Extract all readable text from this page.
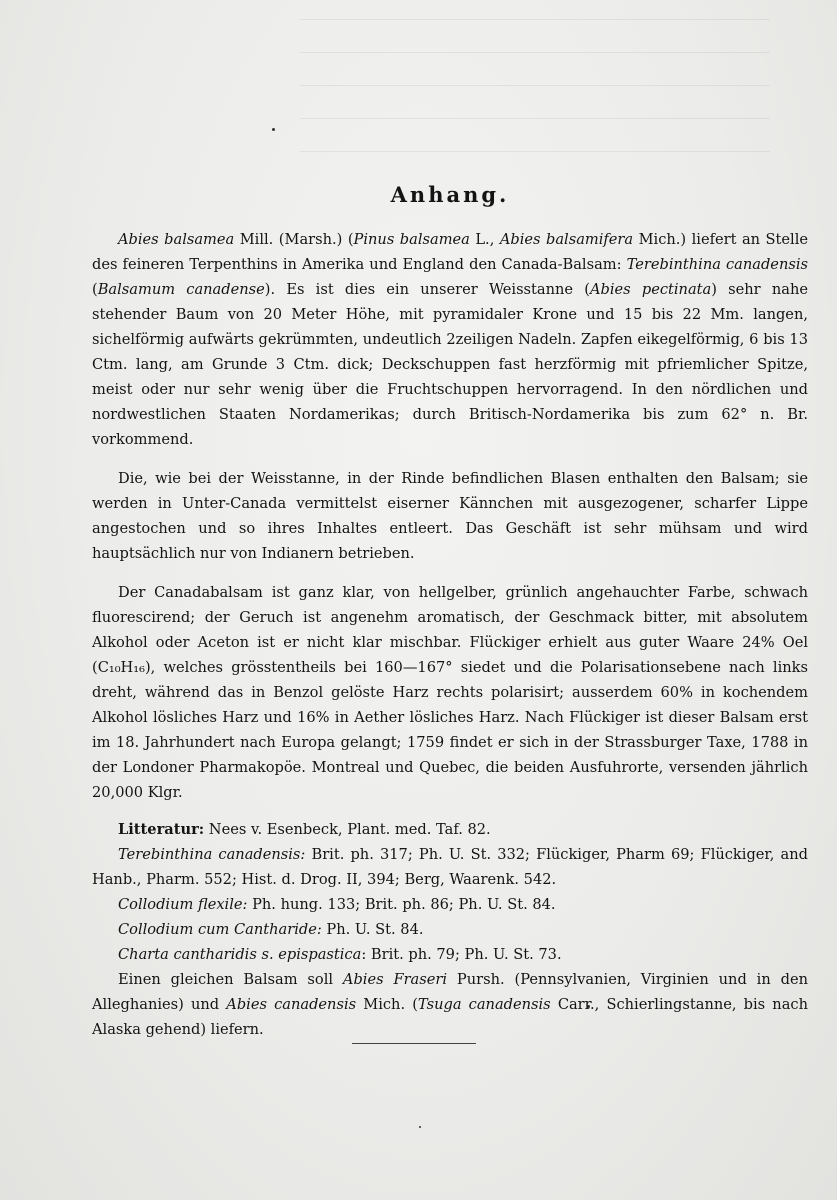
Anhang.

Abies balsamea Mill. (Marsh.) (Pinus balsamea L., Abies balsamifera Mich.) liefert an Stelle des feineren Terpenthins in Amerika und England den Canada-Balsam: Terebinthina canadensis (Balsamum canadense). Es ist dies ein unserer Weisstanne (Abies pectinata) sehr nahe stehender Baum von 20 Meter Höhe, mit pyramidaler Krone und 15 bis 22 Mm. langen, sichelförmig aufwärts gekrümmten, undeutlich 2zeiligen Nadeln. Zapfen eikegelförmig, 6 bis 13 Ctm. lang, am Grunde 3 Ctm. dick; Deckschuppen fast herzförmig mit pfriemlicher Spitze, meist oder nur sehr wenig über die Fruchtschuppen hervorragend. In den nördlichen und nordwestlichen Staaten Nordamerikas; durch Britisch-Nordamerika bis zum 62° n. Br. vorkommend.

Die, wie bei der Weisstanne, in der Rinde befindlichen Blasen enthalten den Balsam; sie werden in Unter-Canada vermittelst eiserner Kännchen mit ausgezogener, scharfer Lippe angestochen und so ihres Inhaltes entleert. Das Geschäft ist sehr mühsam und wird hauptsächlich nur von Indianern betrieben.

Der Canadabalsam ist ganz klar, von hellgelber, grünlich angehauchter Farbe, schwach fluorescirend; der Geruch ist angenehm aromatisch, der Geschmack bitter, mit absolutem Alkohol oder Aceton ist er nicht klar mischbar. Flückiger erhielt aus guter Waare 24% Oel (C₁₀H₁₆), welches grösstentheils bei 160—167° siedet und die Polarisationsebene nach links dreht, während das in Benzol gelöste Harz rechts polarisirt; ausserdem 60% in kochendem Alkohol lösliches Harz und 16% in Aether lösliches Harz. Nach Flückiger ist dieser Balsam erst im 18. Jahrhundert nach Europa gelangt; 1759 findet er sich in der Strassburger Taxe, 1788 in der Londoner Pharmakopöe. Montreal und Quebec, die beiden Ausfuhrorte, versenden jährlich 20,000 Klgr.

Litteratur: Nees v. Esenbeck, Plant. med. Taf. 82.

Terebinthina canadensis: Brit. ph. 317; Ph. U. St. 332; Flückiger, Pharm 69; Flückiger, and Hanb., Pharm. 552; Hist. d. Drog. II, 394; Berg, Waarenk. 542.

Collodium flexile: Ph. hung. 133; Brit. ph. 86; Ph. U. St. 84.

Collodium cum Cantharide: Ph. U. St. 84.

Charta cantharidis s. epispastica: Brit. ph. 79; Ph. U. St. 73.

Einen gleichen Balsam soll Abies Fraseri Pursh. (Pennsylvanien, Virginien und in den Alleghanies) und Abies canadensis Mich. (Tsuga canadensis Carr., Schierlingstanne, bis nach Alaska gehend) liefern.
